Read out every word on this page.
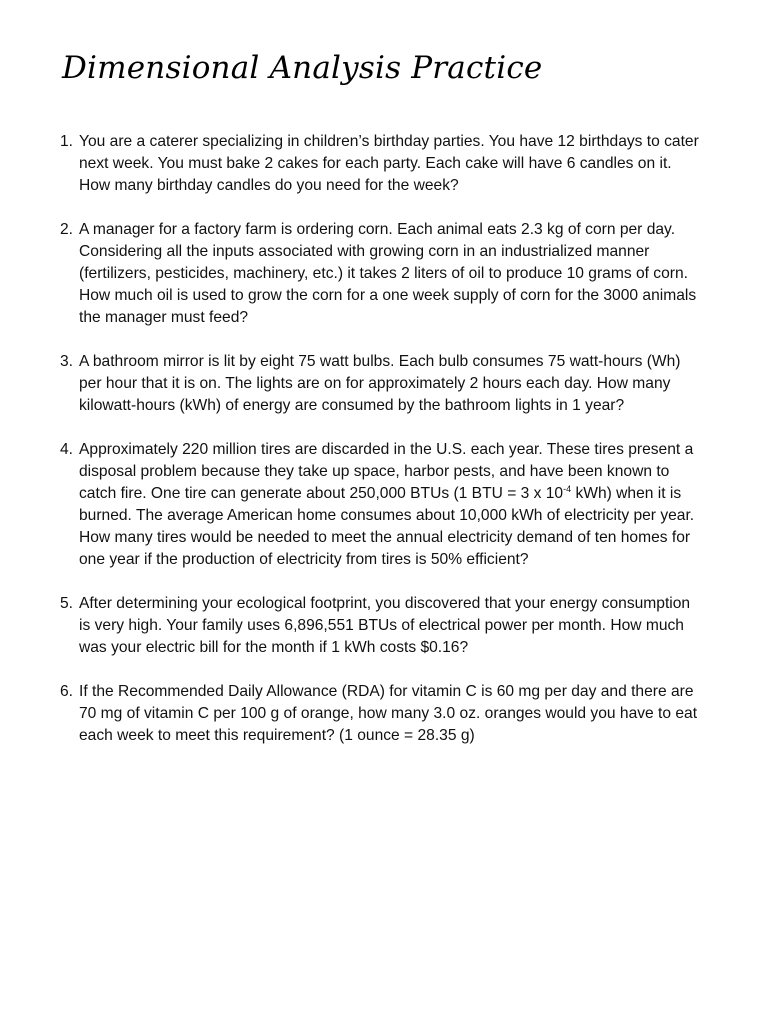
Dimensional Analysis Practice
1. You are a caterer specializing in children’s birthday parties. You have 12 birthdays to cater next week. You must bake 2 cakes for each party. Each cake will have 6 candles on it. How many birthday candles do you need for the week?
2. A manager for a factory farm is ordering corn. Each animal eats 2.3 kg of corn per day. Considering all the inputs associated with growing corn in an industrialized manner (fertilizers, pesticides, machinery, etc.) it takes 2 liters of oil to produce 10 grams of corn. How much oil is used to grow the corn for a one week supply of corn for the 3000 animals the manager must feed?
3. A bathroom mirror is lit by eight 75 watt bulbs. Each bulb consumes 75 watt-hours (Wh) per hour that it is on. The lights are on for approximately 2 hours each day. How many kilowatt-hours (kWh) of energy are consumed by the bathroom lights in 1 year?
4. Approximately 220 million tires are discarded in the U.S. each year. These tires present a disposal problem because they take up space, harbor pests, and have been known to catch fire. One tire can generate about 250,000 BTUs (1 BTU = 3 x $10^{-4}$ kWh) when it is burned. The average American home consumes about 10,000 kWh of electricity per year. How many tires would be needed to meet the annual electricity demand of ten homes for one year if the production of electricity from tires is 50% efficient?
5. After determining your ecological footprint, you discovered that your energy consumption is very high. Your family uses 6,896,551 BTUs of electrical power per month. How much was your electric bill for the month if 1 kWh costs $0.16?
6. If the Recommended Daily Allowance (RDA) for vitamin C is 60 mg per day and there are 70 mg of vitamin C per 100 g of orange, how many 3.0 oz. oranges would you have to eat each week to meet this requirement? (1 ounce = 28.35 g)
